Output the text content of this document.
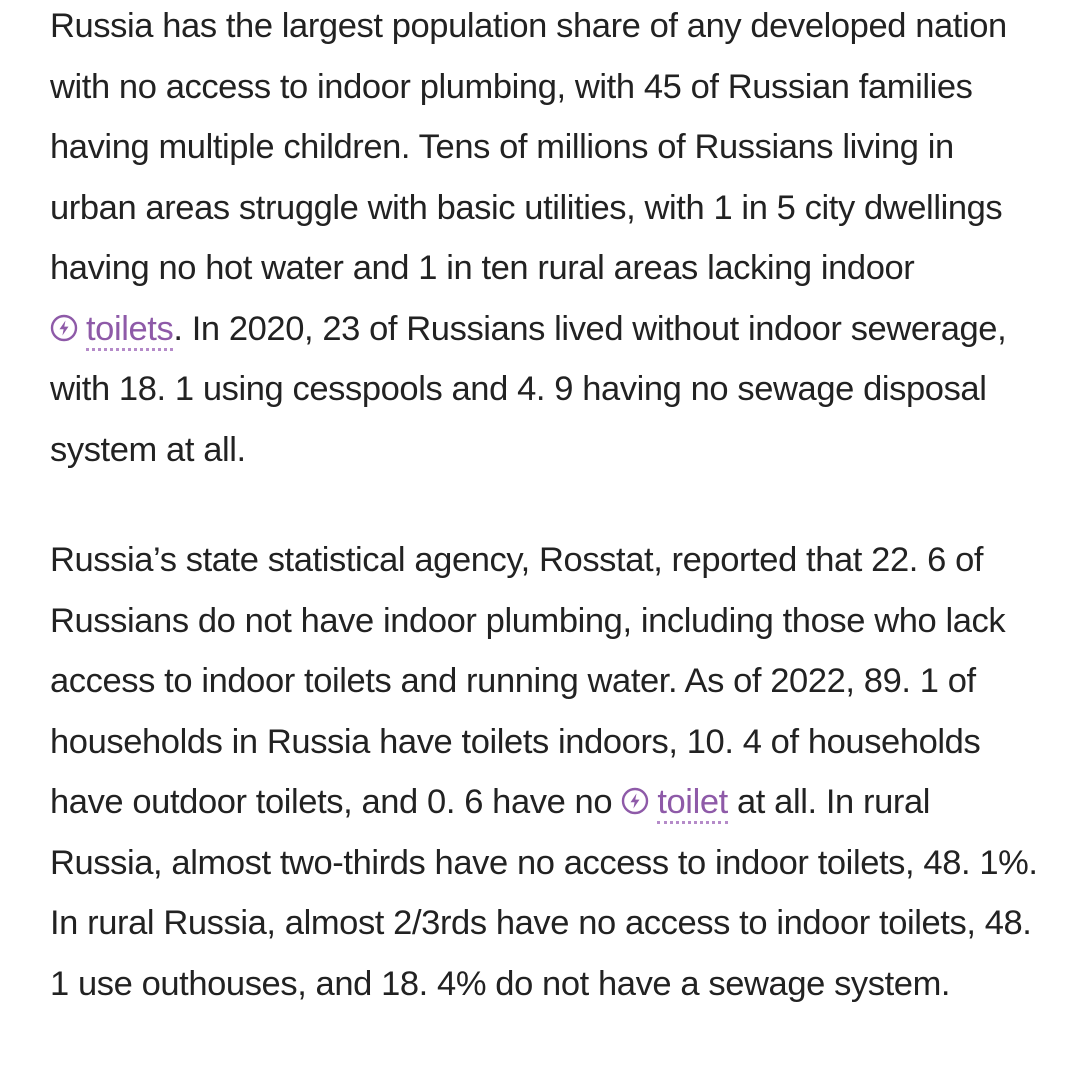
Russia has the largest population share of any developed nation with no access to indoor plumbing, with 45 of Russian families having multiple children. Tens of millions of Russians living in urban areas struggle with basic utilities, with 1 in 5 city dwellings having no hot water and 1 in ten rural areas lacking indoor
toilets. In 2020, 23 of Russians lived without indoor sewerage, with 18. 1 using cesspools and 4. 9 having no sewage disposal system at all.

Russia’s state statistical agency, Rosstat, reported that 22. 6 of Russians do not have indoor plumbing, including those who lack access to indoor toilets and running water. As of 2022, 89. 1 of households in Russia have toilets indoors, 10. 4 of households have outdoor toilets, and 0. 6 have no
toilet at all. In rural Russia, almost two-thirds have no access to indoor toilets, 48. 1%. In rural Russia, almost 2/3rds have no access to indoor toilets, 48. 1 use outhouses, and 18. 4% do not have a sewage system.
